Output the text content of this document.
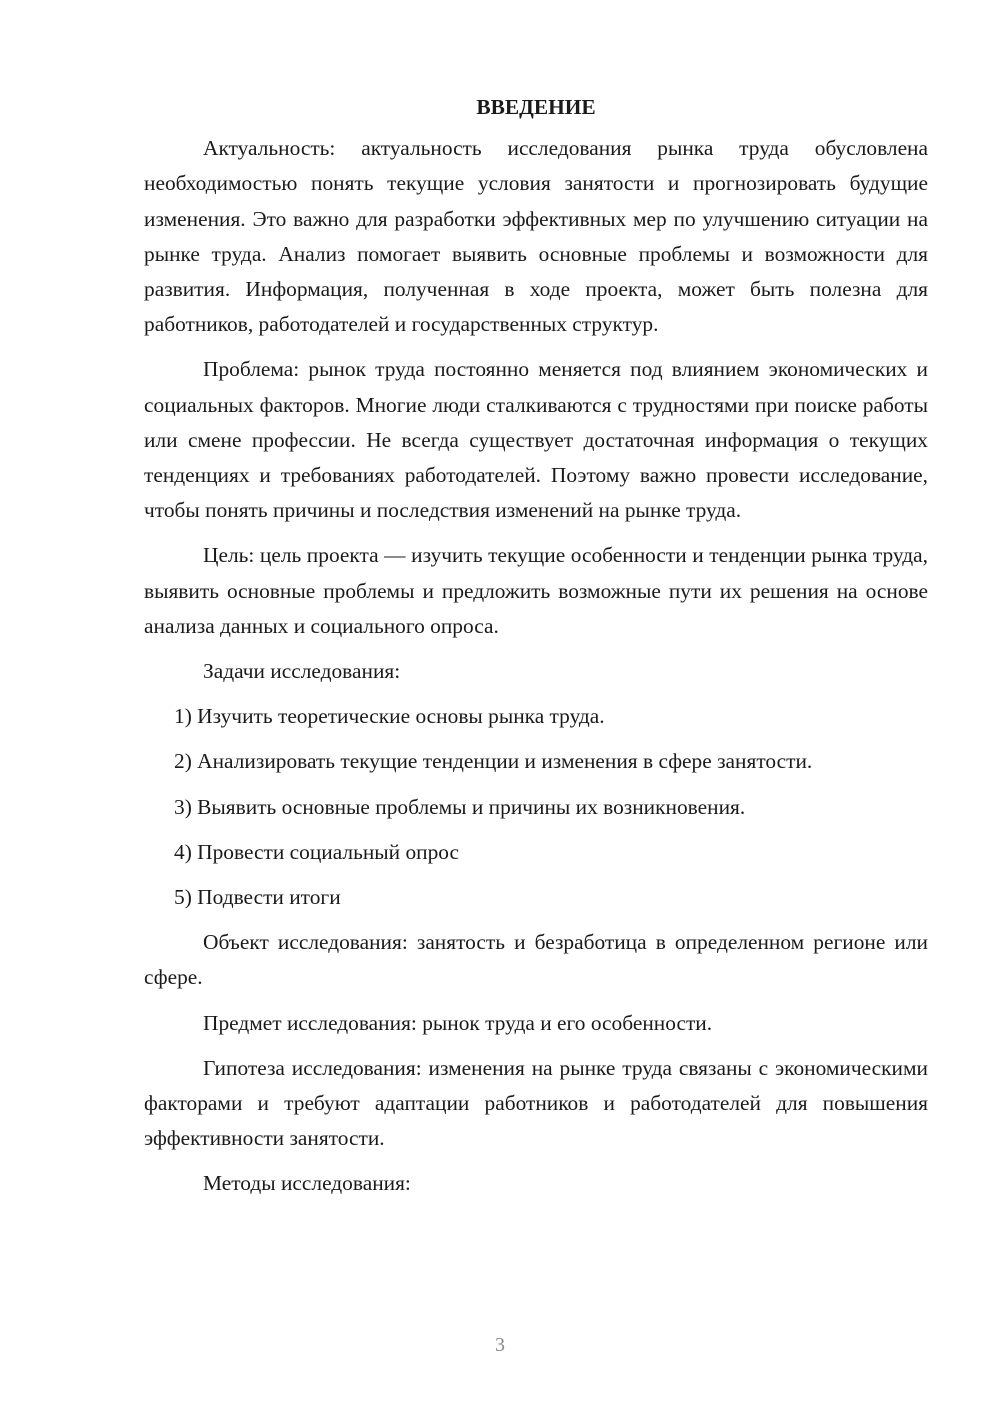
ВВЕДЕНИЕ

Актуальность: актуальность исследования рынка труда обусловлена необходимостью понять текущие условия занятости и прогнозировать будущие изменения. Это важно для разработки эффективных мер по улучшению ситуации на рынке труда. Анализ помогает выявить основные проблемы и возможности для развития. Информация, полученная в ходе проекта, может быть полезна для работников, работодателей и государственных структур.

Проблема: рынок труда постоянно меняется под влиянием экономических и социальных факторов. Многие люди сталкиваются с трудностями при поиске работы или смене профессии. Не всегда существует достаточная информация о текущих тенденциях и требованиях работодателей. Поэтому важно провести исследование, чтобы понять причины и последствия изменений на рынке труда.

Цель: цель проекта — изучить текущие особенности и тенденции рынка труда, выявить основные проблемы и предложить возможные пути их решения на основе анализа данных и социального опроса.

Задачи исследования:

1) Изучить теоретические основы рынка труда.

2) Анализировать текущие тенденции и изменения в сфере занятости.

3) Выявить основные проблемы и причины их возникновения.

4) Провести социальный опрос

5) Подвести итоги

Объект исследования: занятость и безработица в определенном регионе или сфере.

Предмет исследования: рынок труда и его особенности.

Гипотеза исследования: изменения на рынке труда связаны с экономическими факторами и требуют адаптации работников и работодателей для повышения эффективности занятости.

Методы исследования:

3
